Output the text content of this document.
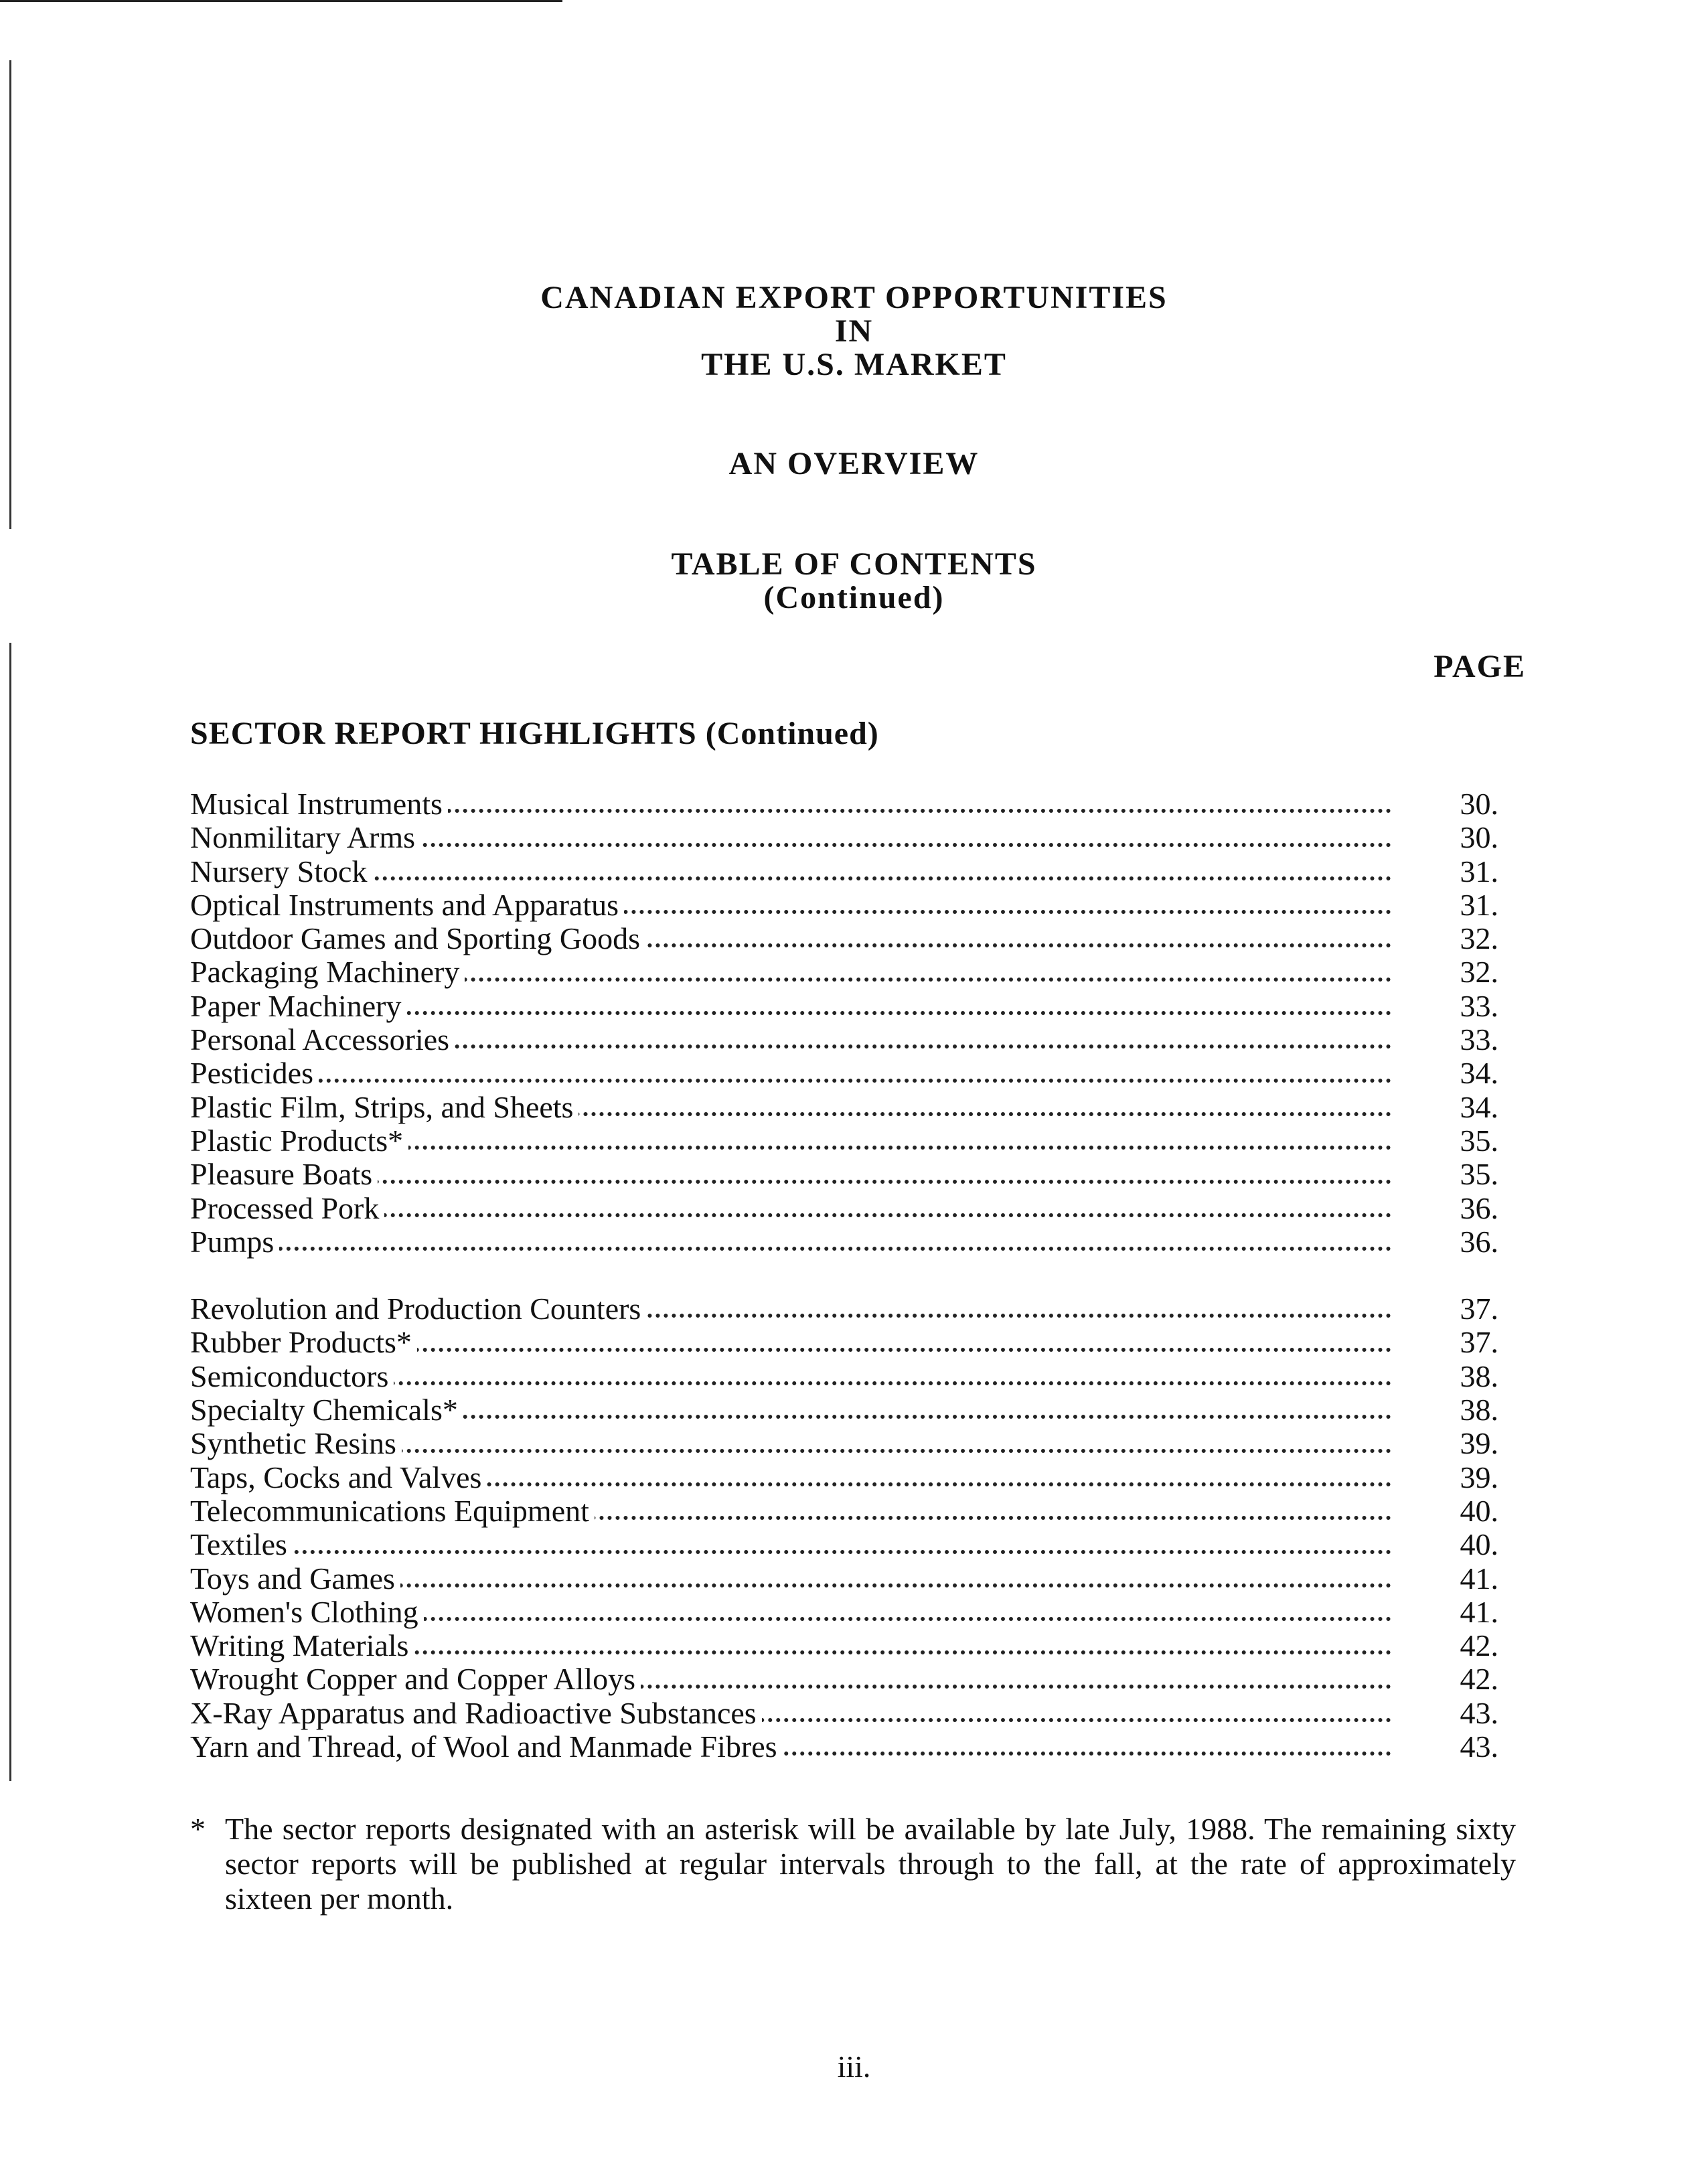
CANADIAN EXPORT OPPORTUNITIES
IN
THE U.S. MARKET
AN OVERVIEW
TABLE OF CONTENTS
(Continued)
PAGE
SECTOR REPORT HIGHLIGHTS (Continued)
Musical Instruments	30.
Nonmilitary Arms	30.
Nursery Stock	31.
Optical Instruments and Apparatus	31.
Outdoor Games and Sporting Goods	32.
Packaging Machinery	32.
Paper Machinery	33.
Personal Accessories	33.
Pesticides	34.
Plastic Film, Strips, and Sheets	34.
Plastic Products*	35.
Pleasure Boats	35.
Processed Pork	36.
Pumps	36.
Revolution and Production Counters	37.
Rubber Products*	37.
Semiconductors	38.
Specialty Chemicals*	38.
Synthetic Resins	39.
Taps, Cocks and Valves	39.
Telecommunications Equipment	40.
Textiles	40.
Toys and Games	41.
Women's Clothing	41.
Writing Materials	42.
Wrought Copper and Copper Alloys	42.
X-Ray Apparatus and Radioactive Substances	43.
Yarn and Thread, of Wool and Manmade Fibres	43.
* The sector reports designated with an asterisk will be available by late July, 1988. The remaining sixty sector reports will be published at regular intervals through to the fall, at the rate of approximately sixteen per month.
iii.
